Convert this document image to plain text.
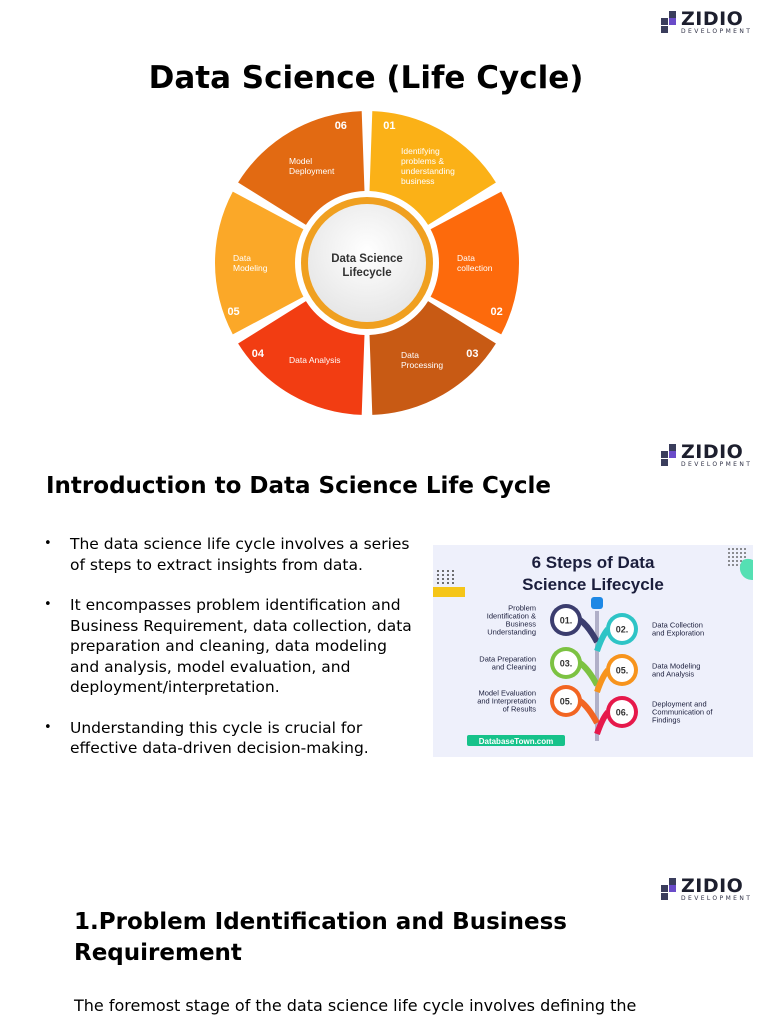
ZIDIO
DEVELOPMENT
ZIDIO
DEVELOPMENT
ZIDIO
DEVELOPMENT
Data Science (Life Cycle)
Data Science
Lifecycle
Identifying
problems &
understanding
business
01
Data
collection
02
Data
Processing
03
Data Analysis
04
Data
Modeling
05
Model
Deployment
06
Introduction to Data Science Life Cycle
• The data science life cycle involves a series of steps to extract insights from data.
• It encompasses problem identification and Business Requirement, data collection, data preparation and cleaning, data modeling and analysis, model evaluation, and deployment/interpretation.
• Understanding this cycle is crucial for effective data-driven decision-making.
6 Steps of Data
Science Lifecycle
01.
Problem
Identification &
Business
Understanding	02.	Data Collection
and Exploration
03.
Data Preparation
and Cleaning	05.	Data Modeling
and Analysis
05.
Model Evaluation
and Interpretation
of Results	06.
Deployment and
Communication of
Findings
DatabaseTown.com
1.Problem Identification and Business Requirement
The foremost stage of the data science life cycle involves defining the
